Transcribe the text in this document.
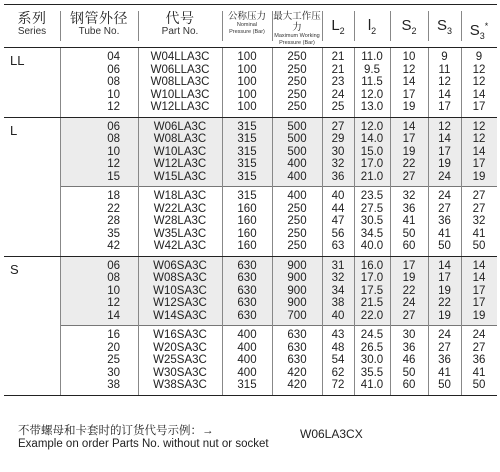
系列
Series
钢管外径
Tube No.
代号
Part No.
公称压力
Nominal
Pressure (Bar)
最大工作压力
Maximum Working
Pressure (Bar)
$L_2$	$l_2$	$S_2$	$S_3$	$S_3^*$
LL	04	W04LLA3C	100	250	21	11.0	10	9	9
06	W06LLA3C	100	250	21	9.5	12	11	12
08	W08LLA3C	100	250	23	11.5	14	12	12
10	W10LLA3C	100	250	24	12.0	17	14	14
12	W12LLA3C	100	250	25	13.0	19	17	17
L	06	W06LA3C	315	500	27	12.0	14	12	12
08	W08LA3C	315	500	29	14.0	17	14	12
10	W10LA3C	315	500	30	15.0	19	17	14
12	W12LA3C	315	400	32	17.0	22	19	17
15	W15LA3C	315	400	36	21.0	27	24	19
18	W18LA3C	315	400	40	23.5	32	24	27
22	W22LA3C	160	250	44	27.5	36	27	27
28	W28LA3C	160	250	47	30.5	41	36	32
35	W35LA3C	160	250	56	34.5	50	41	41
42	W42LA3C	160	250	63	40.0	60	50	50
S	06	W06SA3C	630	900	31	16.0	17	14	14
08	W08SA3C	630	900	32	17.0	19	17	14
10	W10SA3C	630	900	34	17.5	22	19	17
12	W12SA3C	630	900	38	21.5	24	22	17
14	W14SA3C	630	700	40	22.0	27	19	19
16	W16SA3C	400	630	43	24.5	30	24	24
20	W20SA3C	400	630	48	26.5	36	27	27
25	W25SA3C	400	630	54	30.0	46	36	36
30	W30SA3C	400	420	62	35.5	50	41	41
38	W38SA3C	315	420	72	41.0	60	50	50
不带螺母和卡套时的订货代号示例：→
Example on order Parts No. without nut or socket
W06LA3CX
